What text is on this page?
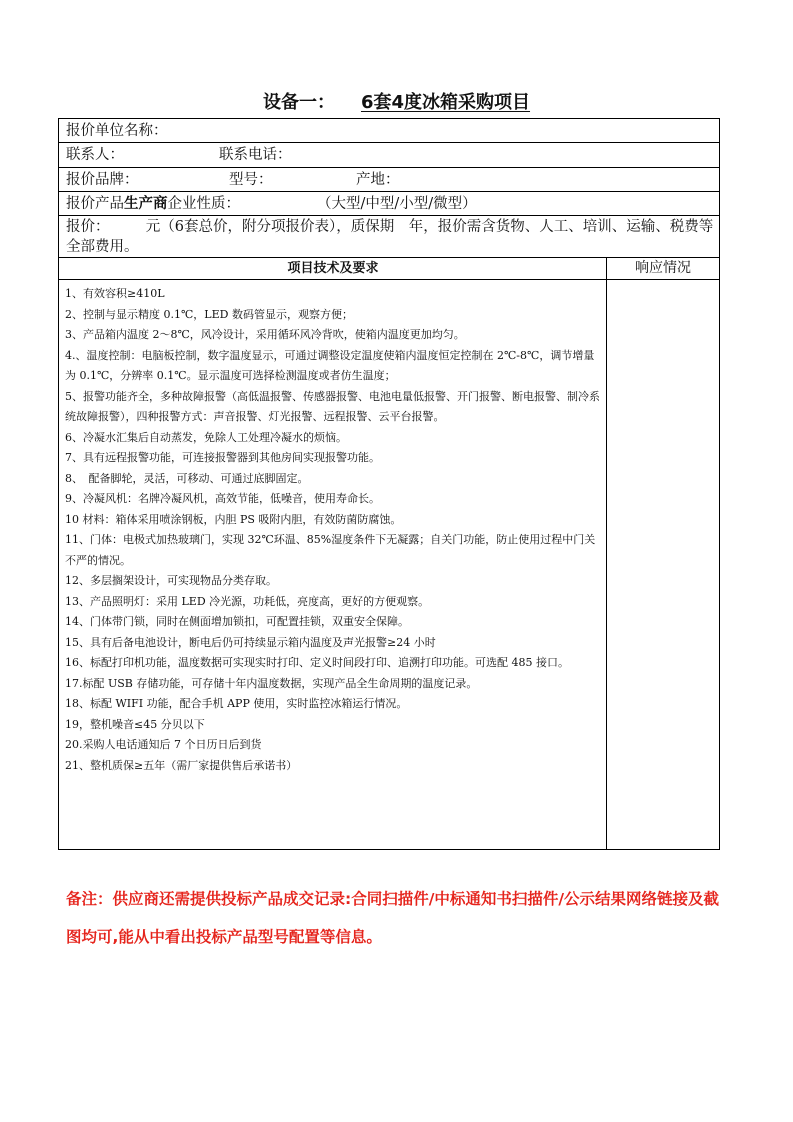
设备一： 6套4度冰箱采购项目
报价单位名称：
联系人：	联系电话：
报价品牌：	型号：	产地：
报价产品生产商企业性质：	（大型/中型/小型/微型）
报价：　　　元（6套总价，附分项报价表），质保期　年，报价需含货物、人工、培训、运输、税费等全部费用。
项目技术及要求	响应情况
1、有效容积≥410L
2、控制与显示精度 0.1℃，LED 数码管显示，观察方便；
3、产品箱内温度 2～8℃，风冷设计，采用循环风冷背吹，使箱内温度更加均匀。
4.、温度控制：电脑板控制，数字温度显示，可通过调整设定温度使箱内温度恒定控制在 2℃-8℃，调节增量为 0.1℃，分辨率 0.1℃。显示温度可选择检测温度或者仿生温度；
5、报警功能齐全，多种故障报警（高低温报警、传感器报警、电池电量低报警、开门报警、断电报警、制冷系统故障报警），四种报警方式：声音报警、灯光报警、远程报警、云平台报警。
6、冷凝水汇集后自动蒸发，免除人工处理冷凝水的烦恼。
7、具有远程报警功能，可连接报警器到其他房间实现报警功能。
8、　配备脚轮，灵活，可移动、可通过底脚固定。
9、冷凝风机：名牌冷凝风机，高效节能，低噪音，使用寿命长。
10 材料：箱体采用喷涂钢板，内胆 PS 吸附内胆，有效防菌防腐蚀。
11、门体：电极式加热玻璃门，实现 32℃环温、85%湿度条件下无凝露；自关门功能，防止使用过程中门关不严的情况。
12、多层搁架设计，可实现物品分类存取。
13、产品照明灯：采用 LED 冷光源，功耗低，亮度高，更好的方便观察。
14、门体带门锁，同时在侧面增加锁扣，可配置挂锁，双重安全保障。
15、具有后备电池设计，断电后仍可持续显示箱内温度及声光报警≥24 小时
16、标配打印机功能，温度数据可实现实时打印、定义时间段打印、追溯打印功能。可选配 485 接口。
17.标配 USB 存储功能，可存储十年内温度数据，实现产品全生命周期的温度记录。
18、标配 WIFI 功能，配合手机 APP 使用，实时监控冰箱运行情况。
19，整机噪音≤45 分贝以下
20.采购人电话通知后 7 个日历日后到货
21、整机质保≥五年（需厂家提供售后承诺书）
备注：供应商还需提供投标产品成交记录:合同扫描件/中标通知书扫描件/公示结果网络链接及截图均可,能从中看出投标产品型号配置等信息。
